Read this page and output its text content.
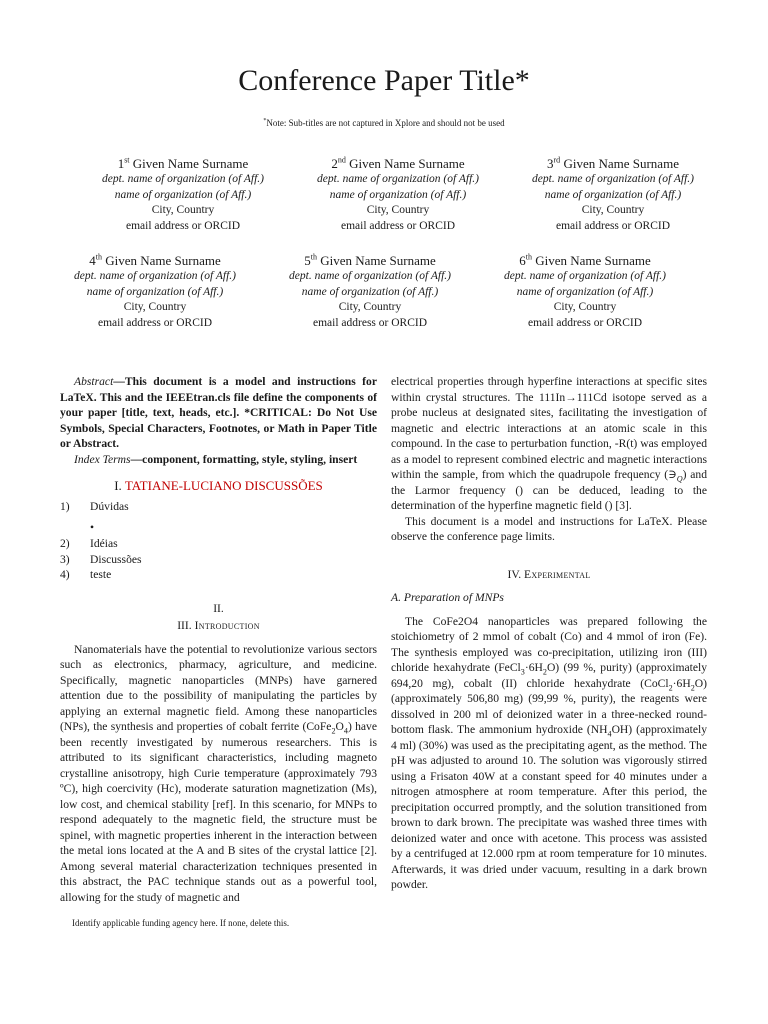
Conference Paper Title*
*Note: Sub-titles are not captured in Xplore and should not be used
1st Given Name Surname
dept. name of organization (of Aff.)
name of organization (of Aff.)
City, Country
email address or ORCID
2nd Given Name Surname
dept. name of organization (of Aff.)
name of organization (of Aff.)
City, Country
email address or ORCID
3rd Given Name Surname
dept. name of organization (of Aff.)
name of organization (of Aff.)
City, Country
email address or ORCID
4th Given Name Surname
dept. name of organization (of Aff.)
name of organization (of Aff.)
City, Country
email address or ORCID
5th Given Name Surname
dept. name of organization (of Aff.)
name of organization (of Aff.)
City, Country
email address or ORCID
6th Given Name Surname
dept. name of organization (of Aff.)
name of organization (of Aff.)
City, Country
email address or ORCID

Abstract—This document is a model and instructions for LaTeX. This and the IEEEtran.cls file define the components of your paper [title, text, heads, etc.]. *CRITICAL: Do Not Use Symbols, Special Characters, Footnotes, or Math in Paper Title or Abstract.

Index Terms—component, formatting, style, styling, insert

I. TATIANE-LUCIANO DISCUSSÕES

1) Dúvidas
•
2) Idéias
3) Discussões
4) teste

II.

III. Introduction

Nanomaterials have the potential to revolutionize various sectors such as electronics, pharmacy, agriculture, and medicine. Specifically, magnetic nanoparticles (MNPs) have garnered attention due to the possibility of manipulating the particles by applying an external magnetic field. Among these nanoparticles (NPs), the synthesis and properties of cobalt ferrite $(CoFe_2O_4)$ have been recently investigated by numerous researchers. This is attributed to its significant characteristics, including magneto crystalline anisotropy, high Curie temperature (approximately 793 ºC), high coercivity (Hc), moderate saturation magnetization (Ms), low cost, and chemical stability [ref]. In this scenario, for MNPs to respond adequately to the magnetic field, the structure must be spinel, with magnetic properties inherent in the interaction between the metal ions located at the A and B sites of the crystal lattice [2]. Among several material characterization techniques presented in this abstract, the PAC technique stands out as a powerful tool, allowing for the study of magnetic and

Identify applicable funding agency here. If none, delete this.

electrical properties through hyperfine interactions at specific sites within crystal structures. The 111In→111Cd isotope served as a probe nucleus at designated sites, facilitating the investigation of magnetic and electric interactions at an atomic scale in this compound. In the case to perturbation function, -R(t) was employed as a model to represent combined electric and magnetic interactions within the sample, from which the quadrupole frequency $(∋_Q)$ and the Larmor frequency () can be deduced, leading to the determination of the hyperfine magnetic field () [3].

This document is a model and instructions for LaTeX. Please observe the conference page limits.

IV. Experimental

A. Preparation of MNPs

The CoFe2O4 nanoparticles was prepared following the stoichiometry of 2 mmol of cobalt (Co) and 4 mmol of iron (Fe). The synthesis employed was co-precipitation, utilizing iron (III) chloride hexahydrate $(FeCl_3\cdot 6H_2O)$ (99 %, purity) (approximately 694,20 mg), cobalt (II) chloride hexahydrate $(CoCl_2\cdot 6H_2O)$ (approximately 506,80 mg) (99,99 %, purity), the reagents were dissolved in 200 ml of deionized water in a three-necked round-bottom flask. The ammonium hydroxide $(NH_4OH)$ (approximately 4 ml) (30%) was used as the precipitating agent, as the method. The pH was adjusted to around 10. The solution was vigorously stirred using a Frisaton 40W at a constant speed for 40 minutes under a nitrogen atmosphere at room temperature. After this period, the precipitation occurred promptly, and the solution transitioned from brown to dark brown. The precipitate was washed three times with deionized water and once with acetone. This process was assisted by a centrifuged at 12.000 rpm at room temperature for 10 minutes. Afterwards, it was dried under vacuum, resulting in a dark brown powder.
